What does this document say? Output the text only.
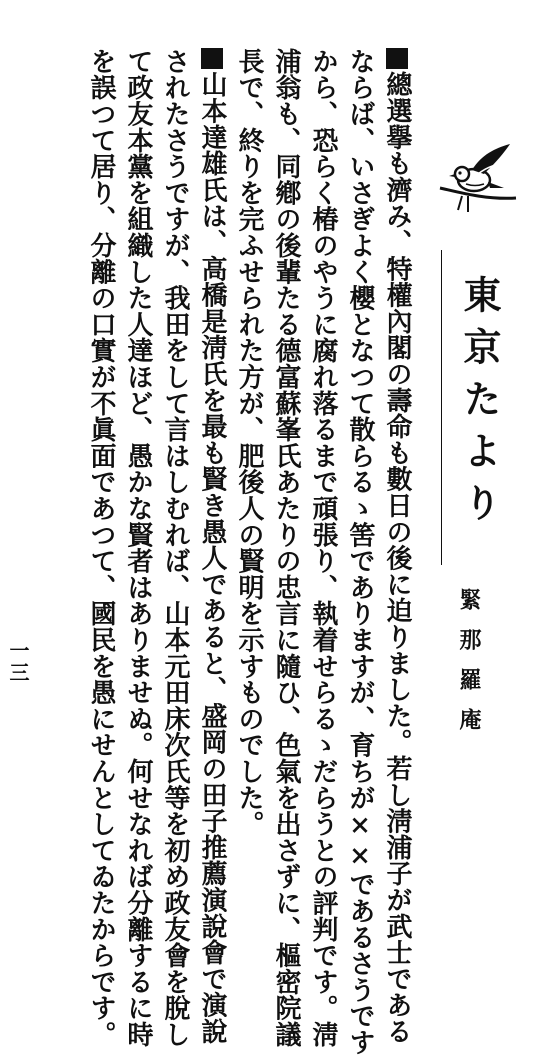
東京たより
緊那羅庵
總選擧も濟み、特權內閣の壽命も數日の後に迫りました。若し淸浦子が武士である
ならば、いさぎよく櫻となつて散らるゝ筈でありますが、育ちが××であるさうです
から、恐らく椿のやうに腐れ落るまで頑張り、執着せらるゝだらうとの評判です。淸
浦翁も、同鄕の後輩たる德富蘇峯氏あたりの忠言に隨ひ、色氣を出さずに、樞密院議
長で、終りを完ふせられた方が、肥後人の賢明を示すものでした。
山本達雄氏は、高橋是淸氏を最も賢き愚人であると、盛岡の田子推薦演說會で演說
されたさうですが、我田をして言はしむれば、山本元田床次氏等を初め政友會を脫し
て政友本黨を組織した人達ほど、愚かな賢者はありませぬ。何せなれば分離するに時
を誤つて居り、分離の口實が不眞面であつて、國民を愚にせんとしてゐたからです。
一三
